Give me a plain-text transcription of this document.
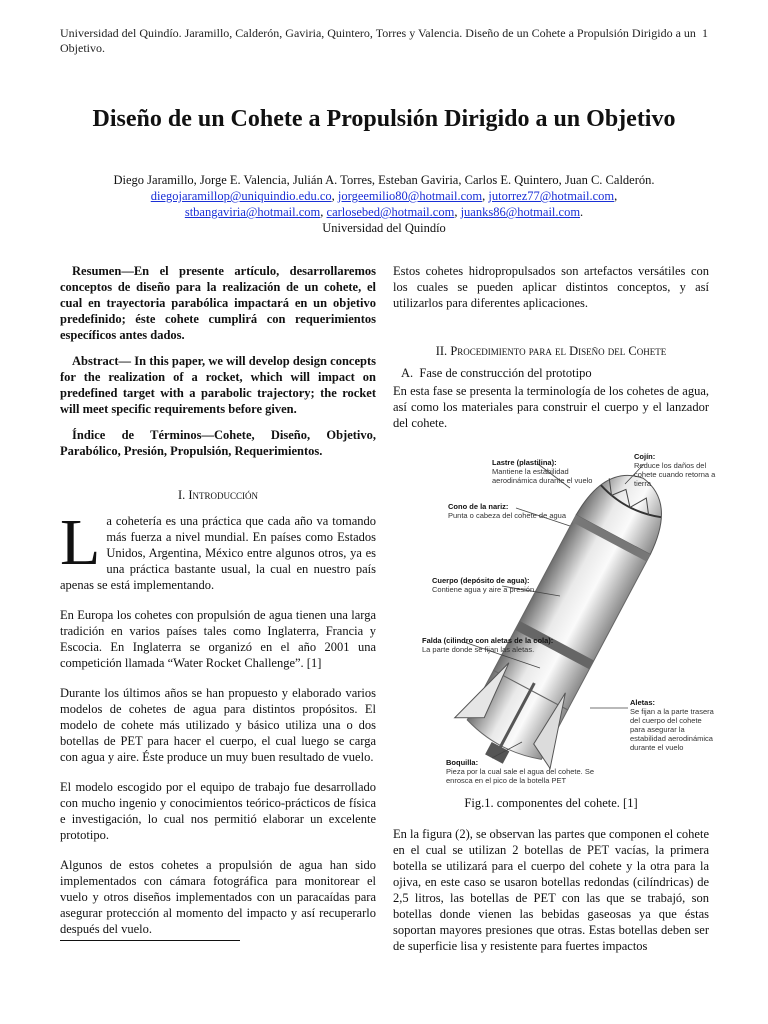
Universidad del Quindío. Jaramillo, Calderón, Gaviria, Quintero, Torres y Valencia. Diseño de un Cohete a Propulsión Dirigido a un Objetivo.
1
Diseño de un Cohete a Propulsión Dirigido a un Objetivo
Diego Jaramillo, Jorge E. Valencia, Julián A. Torres, Esteban Gaviria, Carlos E. Quintero, Juan C. Calderón.
diegojaramillop@uniquindio.edu.co, jorgeemilio80@hotmail.com, jutorrez77@hotmail.com,
stbangaviria@hotmail.com, carlosebed@hotmail.com, juanks86@hotmail.com.
Universidad del Quindío

Resumen—En el presente artículo, desarrollaremos conceptos de diseño para la realización de un cohete, el cual en trayectoria parabólica impactará en un objetivo predefinido; éste cohete cumplirá con requerimientos específicos antes dados.

Abstract— In this paper, we will develop design concepts for the realization of a rocket, which will impact on predefined target with a parabolic trajectory; the rocket will meet specific requirements before given.

Índice de Términos—Cohete, Diseño, Objetivo, Parabólico, Presión, Propulsión, Requerimientos.

I. Introducción

La cohetería es una práctica que cada año va tomando más fuerza a nivel mundial. En países como Estados Unidos, Argentina, México entre algunos otros, ya es una práctica bastante usual, la cual en nuestro país apenas se está implementando.

En Europa los cohetes con propulsión de agua tienen una larga tradición en varios países tales como Inglaterra, Francia y Escocia. En Inglaterra se organizó en el año 2001 una competición llamada “Water Rocket Challenge”. [1]

Durante los últimos años se han propuesto y elaborado varios modelos de cohetes de agua para distintos propósitos. El modelo de cohete más utilizado y básico utiliza una o dos botellas de PET para hacer el cuerpo, el cual luego se carga con agua y aire. Éste produce un muy buen resultado de vuelo.

El modelo escogido por el equipo de trabajo fue desarrollado con mucho ingenio y conocimientos teórico-prácticos de física e investigación, lo cual nos permitió elaborar un excelente prototipo.

Algunos de estos cohetes a propulsión de agua han sido implementados con cámara fotográfica para monitorear el vuelo y otros diseños implementados con un paracaídas para asegurar protección al momento del impacto y así recuperarlo después del vuelo.

Estos cohetes hidropropulsados son artefactos versátiles con los cuales se pueden aplicar distintos conceptos, y así utilizarlos para diferentes aplicaciones.

II. Procedimiento para el Diseño del Cohete
A. Fase de construcción del prototipo

En esta fase se presenta la terminología de los cohetes de agua, así como los materiales para construir el cuerpo y el lanzador del cohete.

Lastre (plastilina):
Mantiene la estabilidad aerodinámica durante el vuelo
Cojín:
Reduce los daños del cohete cuando retorna a tierra
Cono de la nariz:
Punta o cabeza del cohete de agua
Cuerpo (depósito de agua):
Contiene agua y aire a presión
Falda (cilindro con aletas de la cola):
La parte donde se fijan las aletas.
Aletas:
Se fijan a la parte trasera del cuerpo del cohete para asegurar la estabilidad aerodinámica durante el vuelo
Boquilla:
Pieza por la cual sale el agua del cohete. Se enrosca en el pico de la botella PET
Fig.1. componentes del cohete. [1]

En la figura (2), se observan las partes que componen el cohete en el cual se utilizan 2 botellas de PET vacías, la primera botella se utilizará para el cuerpo del cohete y la otra para la ojiva, en este caso se usaron botellas redondas (cilíndricas) de 2,5 litros, las botellas de PET con las que se trabajó, son botellas donde vienen las bebidas gaseosas ya que éstas soportan mayores presiones que otras. Estas botellas deben ser de superficie lisa y resistente para fuertes impactos
